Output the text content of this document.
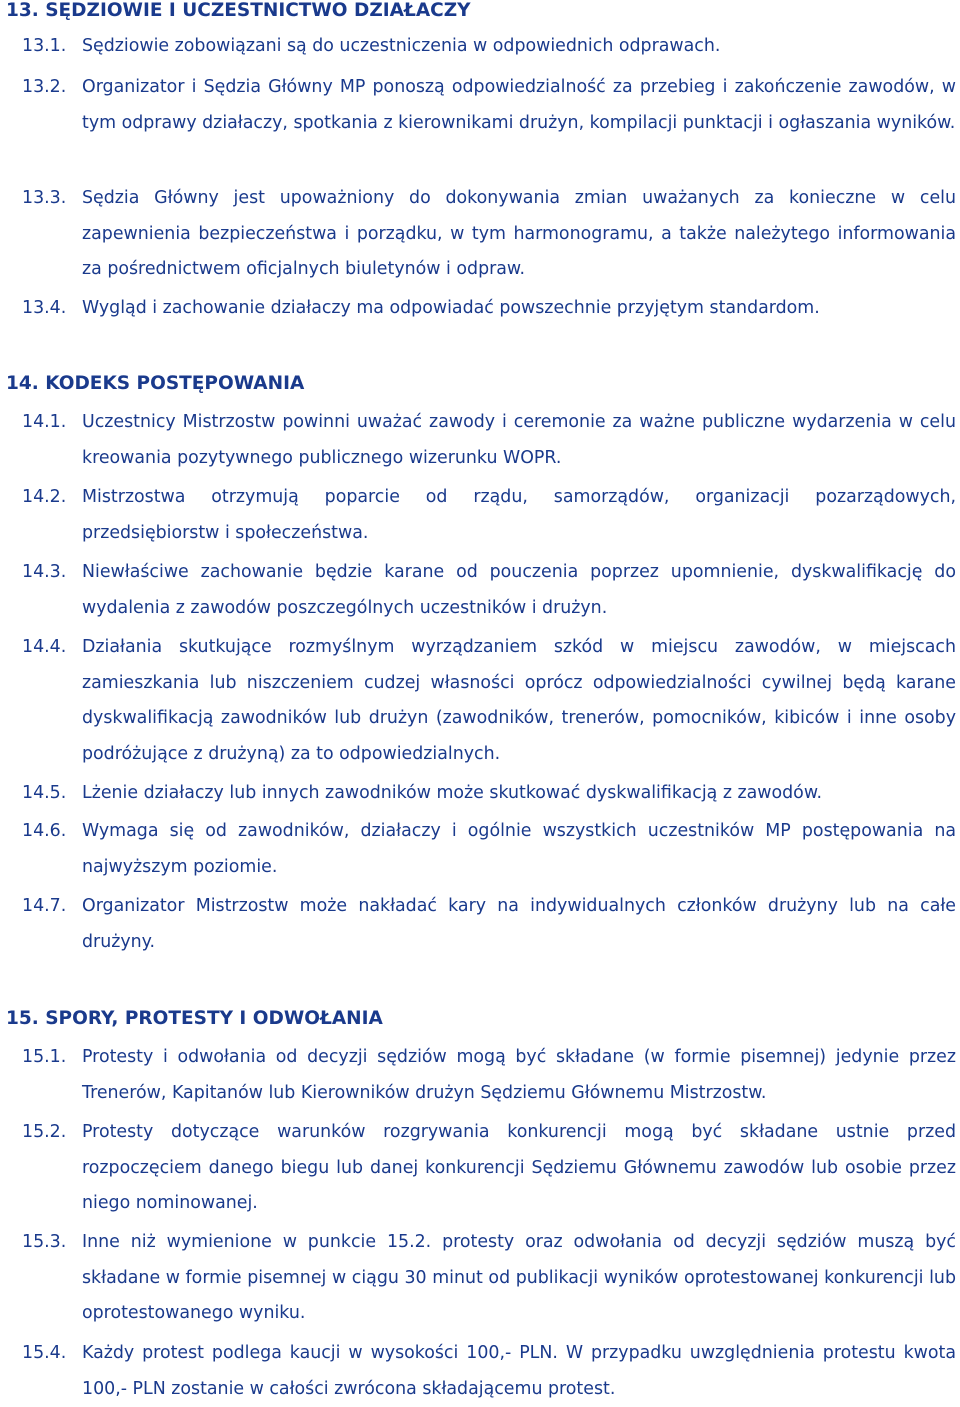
13. SĘDZIOWIE I UCZESTNICTWO DZIAŁACZY
13.1. Sędziowie zobowiązani są do uczestniczenia w odpowiednich odprawach.
13.2. Organizator i Sędzia Główny MP ponoszą odpowiedzialność za przebieg i zakończenie zawodów, w tym odprawy działaczy, spotkania z kierownikami drużyn, kompilacji punktacji i ogłaszania wyników.
13.3. Sędzia Główny jest upoważniony do dokonywania zmian uważanych za konieczne w celu zapewnienia bezpieczeństwa i porządku, w tym harmonogramu, a także należytego informowania za pośrednictwem oficjalnych biuletynów i odpraw.
13.4. Wygląd i zachowanie działaczy ma odpowiadać powszechnie przyjętym standardom.
14. KODEKS POSTĘPOWANIA
14.1. Uczestnicy Mistrzostw powinni uważać zawody i ceremonie za ważne publiczne wydarzenia w celu kreowania pozytywnego publicznego wizerunku WOPR.
14.2. Mistrzostwa otrzymują poparcie od rządu, samorządów, organizacji pozarządowych, przedsiębiorstw i społeczeństwa.
14.3. Niewłaściwe zachowanie będzie karane od pouczenia poprzez upomnienie, dyskwalifikację do wydalenia z zawodów poszczególnych uczestników i drużyn.
14.4. Działania skutkujące rozmyślnym wyrządzaniem szkód w miejscu zawodów, w miejscach zamieszkania lub niszczeniem cudzej własności oprócz odpowiedzialności cywilnej będą karane dyskwalifikacją zawodników lub drużyn (zawodników, trenerów, pomocników, kibiców i inne osoby podróżujące z drużyną) za to odpowiedzialnych.
14.5. Lżenie działaczy lub innych zawodników może skutkować dyskwalifikacją z zawodów.
14.6. Wymaga się od zawodników, działaczy i ogólnie wszystkich uczestników MP postępowania na najwyższym poziomie.
14.7. Organizator Mistrzostw może nakładać kary na indywidualnych członków drużyny lub na całe drużyny.
15. SPORY, PROTESTY I ODWOŁANIA
15.1. Protesty i odwołania od decyzji sędziów mogą być składane (w formie pisemnej) jedynie przez Trenerów, Kapitanów lub Kierowników drużyn Sędziemu Głównemu Mistrzostw.
15.2. Protesty dotyczące warunków rozgrywania konkurencji mogą być składane ustnie przed rozpoczęciem danego biegu lub danej konkurencji Sędziemu Głównemu zawodów lub osobie przez niego nominowanej.
15.3. Inne niż wymienione w punkcie 15.2. protesty oraz odwołania od decyzji sędziów muszą być składane w formie pisemnej w ciągu 30 minut od publikacji wyników oprotestowanej konkurencji lub oprotestowanego wyniku.
15.4. Każdy protest podlega kaucji w wysokości 100,- PLN. W przypadku uwzględnienia protestu kwota 100,- PLN zostanie w całości zwrócona składającemu protest.
